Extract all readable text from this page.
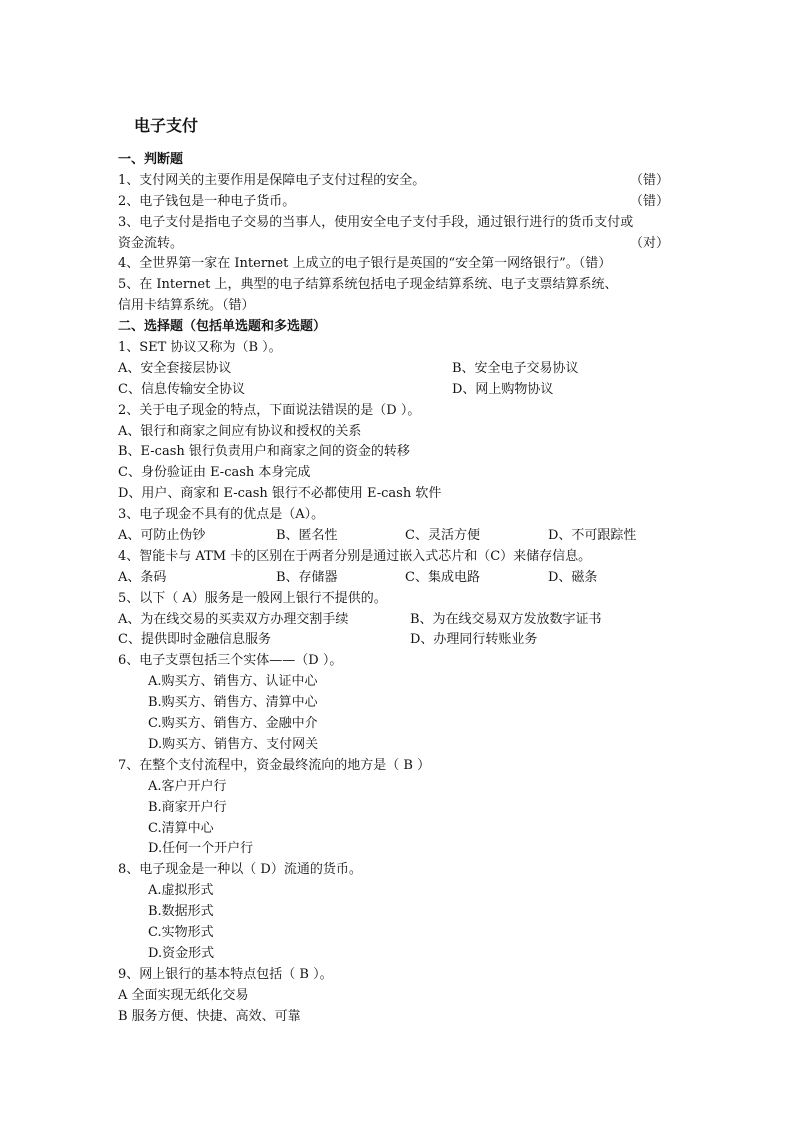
电子支付
一、判断题
1、支付网关的主要作用是保障电子支付过程的安全。	（错）
2、电子钱包是一种电子货币。	（错）
3、电子支付是指电子交易的当事人，使用安全电子支付手段，通过银行进行的货币支付或
资金流转。	（对）
4、全世界第一家在 Internet 上成立的电子银行是英国的“安全第一网络银行”。（错）
5、在 Internet 上，典型的电子结算系统包括电子现金结算系统、电子支票结算系统、
信用卡结算系统。（错）
二、选择题（包括单选题和多选题）
1、SET 协议又称为（B ）。
A、安全套接层协议	B、安全电子交易协议
C、信息传输安全协议	D、网上购物协议
2、关于电子现金的特点，下面说法错误的是（D ）。
A、银行和商家之间应有协议和授权的关系
B、E-cash 银行负责用户和商家之间的资金的转移
C、身份验证由 E-cash 本身完成
D、用户、商家和 E-cash 银行不必都使用 E-cash 软件
3、电子现金不具有的优点是（A）。
A、可防止伪钞	B、匿名性	C、灵活方便	D、不可跟踪性
4、智能卡与 ATM 卡的区别在于两者分别是通过嵌入式芯片和（C）来储存信息。
A、条码	B、存储器	C、集成电路	D、磁条
5、以下（ A）服务是一般网上银行不提供的。
A、为在线交易的买卖双方办理交割手续	B、为在线交易双方发放数字证书
C、提供即时金融信息服务	D、办理同行转账业务
6、电子支票包括三个实体——（D ）。
A.购买方、销售方、认证中心
B.购买方、销售方、清算中心
C.购买方、销售方、金融中介
D.购买方、销售方、支付网关
7、在整个支付流程中，资金最终流向的地方是（ B ）
A.客户开户行
B.商家开户行
C.清算中心
D.任何一个开户行
8、电子现金是一种以（ D）流通的货币。
A.虚拟形式
B.数据形式
C.实物形式
D.资金形式
9、网上银行的基本特点包括（ B ）。
A 全面实现无纸化交易
B 服务方便、快捷、高效、可靠
